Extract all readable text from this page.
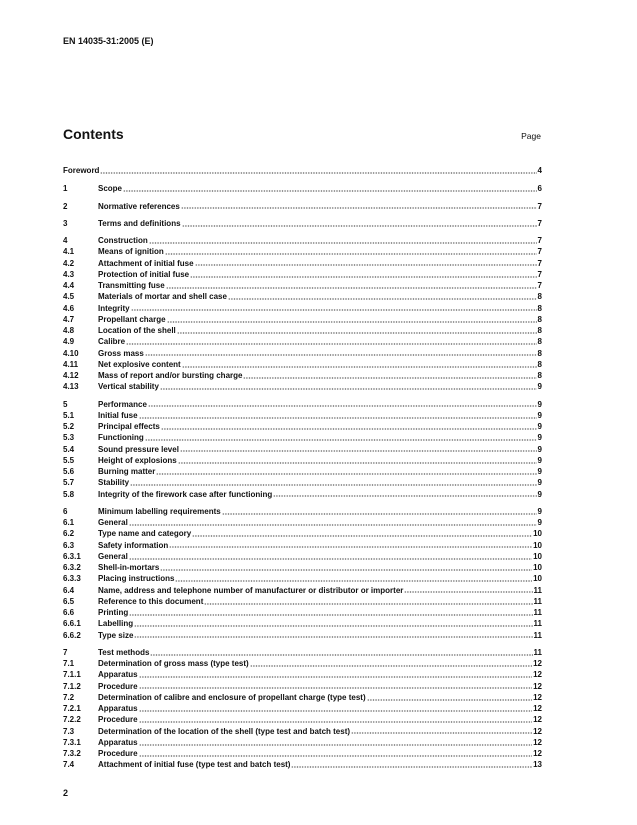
EN 14035-31:2005 (E)
Contents	Page
Foreword	4
1	Scope	6
2	Normative references	7
3	Terms and definitions	7
4	Construction	7
4.1	Means of ignition	7
4.2	Attachment of initial fuse	7
4.3	Protection of initial fuse	7
4.4	Transmitting fuse	7
4.5	Materials of mortar and shell case	8
4.6	Integrity	8
4.7	Propellant charge	8
4.8	Location of the shell	8
4.9	Calibre	8
4.10	Gross mass	8
4.11	Net explosive content	8
4.12	Mass of report and/or bursting charge	8
4.13	Vertical stability	9
5	Performance	9
5.1	Initial fuse	9
5.2	Principal effects	9
5.3	Functioning	9
5.4	Sound pressure level	9
5.5	Height of explosions	9
5.6	Burning matter	9
5.7	Stability	9
5.8	Integrity of the firework case after functioning	9
6	Minimum labelling requirements	9
6.1	General	9
6.2	Type name and category	10
6.3	Safety information	10
6.3.1	General	10
6.3.2	Shell-in-mortars	10
6.3.3	Placing instructions	10
6.4	Name, address and telephone number of manufacturer or distributor or importer	11
6.5	Reference to this document	11
6.6	Printing	11
6.6.1	Labelling	11
6.6.2	Type size	11
7	Test methods	11
7.1	Determination of gross mass (type test)	12
7.1.1	Apparatus	12
7.1.2	Procedure	12
7.2	Determination of calibre and enclosure of propellant charge (type test)	12
7.2.1	Apparatus	12
7.2.2	Procedure	12
7.3	Determination of the location of the shell (type test and batch test)	12
7.3.1	Apparatus	12
7.3.2	Procedure	12
7.4	Attachment of initial fuse (type test and batch test)	13
2
